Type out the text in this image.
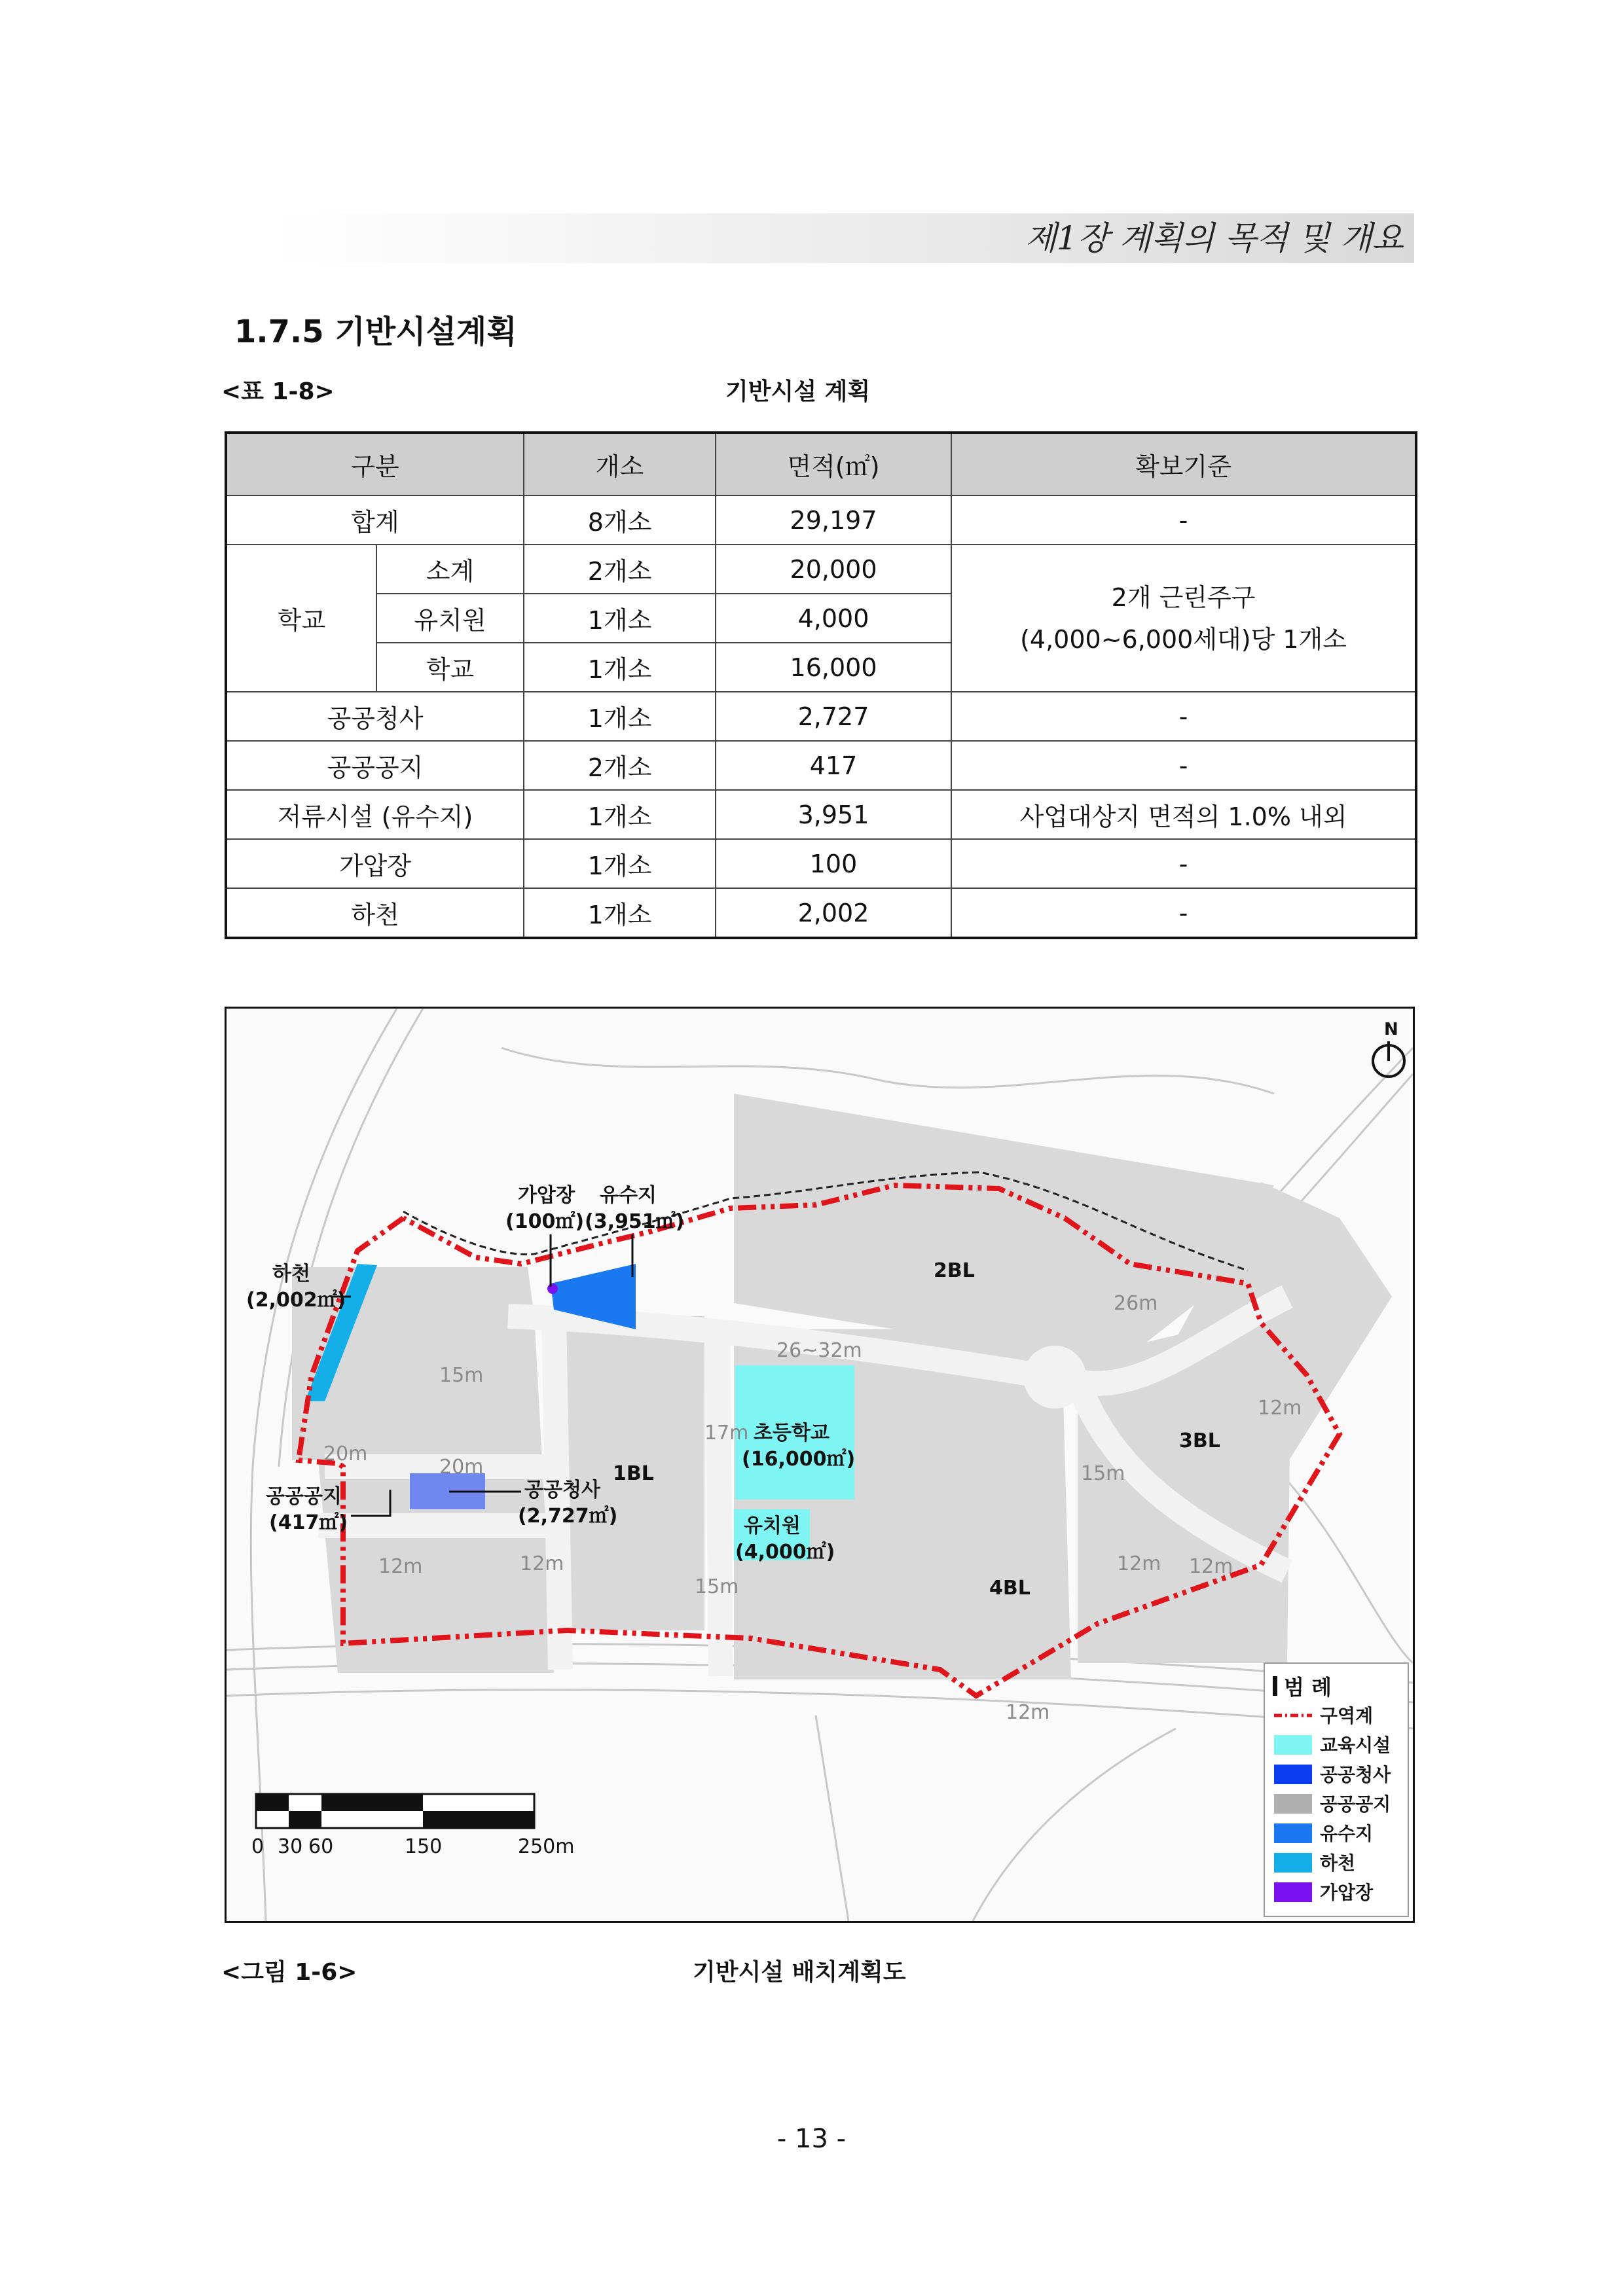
제1장 계획의 목적 및 개요
1.7.5 기반시설계획
<표 1-8>	기반시설 계획
구분		개소	면적(㎡)	확보기준
합계		8개소	29,197	-
학교	소계	2개소	20,000	2개 근린주구
(4,000~6,000세대)당 1개소

	유치원	1개소	4,000	
	학교	1개소	16,000	
공공청사		1개소	2,727	-
공공공지		2개소	417	-
저류시설 (유수지)		1개소	3,951	사업대상지 면적의 1.0% 내외
가압장		1개소	100	-
하천		1개소	2,002	-
가압장
(100㎡)
유수지
(3,951㎡)
하천
(2,002㎡)
공공공지
(417㎡)
공공청사
(2,727㎡)
초등학교
(16,000㎡)
유치원
(4,000㎡)
1BL
2BL
3BL
4BL
15m
20m
20m
12m	12m
17m
15m
26~32m
26m
12m
15m
12m 12m
12m
N
0 30 60	150	250m
범 례
구역계
교육시설
공공청사
공공공지
유수지
하천
가압장
<그림 1-6>	기반시설 배치계획도
- 13 -
